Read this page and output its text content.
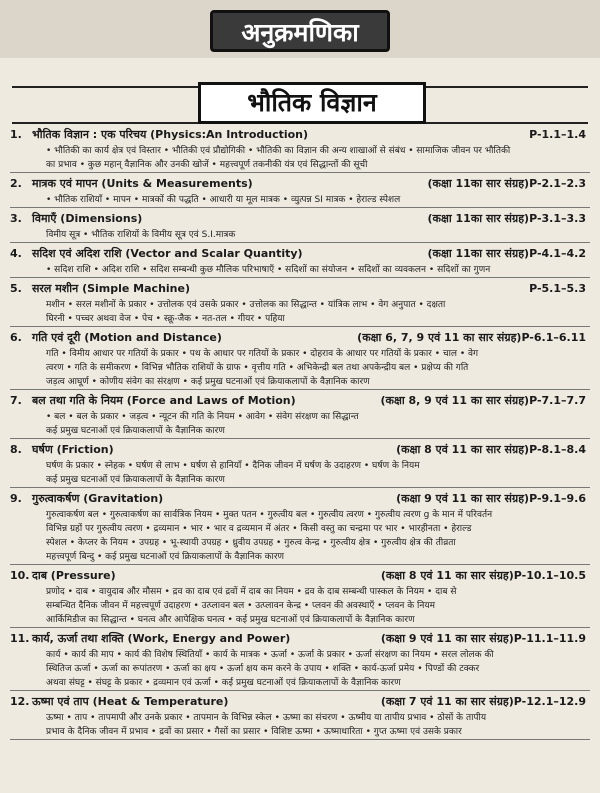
अनुक्रमणिका
भौतिक विज्ञान
1. भौतिक विज्ञान : एक परिचय (Physics:An Introduction)	P-1.1–1.4
• भौतिकी का कार्य क्षेत्र एवं विस्तार • भौतिकी एवं प्रौद्योगिकी • भौतिकी का विज्ञान की अन्य शाखाओं से संबंध • सामाजिक जीवन पर भौतिकी
का प्रभाव • कुछ महान् वैज्ञानिक और उनकी खोजें • महत्त्वपूर्ण तकनीकी यंत्र एवं सिद्धान्तों की सूची
2. मात्रक एवं मापन (Units & Measurements)	(कक्षा 11का सार संग्रह) P-2.1–2.3
• भौतिक राशियाँ • मापन • मात्रकों की पद्धति • आधारी या मूल मात्रक • व्युत्पन्न SI मात्रक • हेराल्ड स्पेशल
3. विमाएँ (Dimensions)	(कक्षा 11का सार संग्रह) P-3.1–3.3
विमीय सूत्र • भौतिक राशियों के विमीय सूत्र एवं S.I.मात्रक
4. सदिश एवं अदिश राशि (Vector and Scalar Quantity)	(कक्षा 11का सार संग्रह) P-4.1–4.2
• सदिश राशि • अदिश राशि • सदिश सम्बन्धी कुछ मौलिक परिभाषाएँ • सदिशों का संयोजन • सदिशों का व्यवकलन • सदिशों का गुणन
5. सरल मशीन (Simple Machine)	P-5.1–5.3
मशीन • सरल मशीनों के प्रकार • उत्तोलक एवं उसके प्रकार • उत्तोलक का सिद्धान्त • यांत्रिक लाभ • वेग अनुपात • दक्षता
घिरनी • पच्चर अथवा वेज • पेच • स्क्रू-जैक • नत-तल • गीयर • पहिया
6. गति एवं दूरी (Motion and Distance)	(कक्षा 6, 7, 9 एवं 11 का सार संग्रह) P-6.1–6.11
गति • विमीय आधार पर गतियों के प्रकार • पथ के आधार पर गतियों के प्रकार • दोहराव के आधार पर गतियों के प्रकार • चाल • वेग
त्वरण • गति के समीकरण • विभिन्न भौतिक राशियों के ग्राफ • वृत्तीय गति • अभिकेन्द्री बल तथा अपकेन्द्रीय बल • प्रक्षेप्य की गति
जड़त्व आघूर्ण • कोणीय संवेग का संरक्षण • कई प्रमुख घटनाओं एवं क्रियाकलापों के वैज्ञानिक कारण
7. बल तथा गति के नियम (Force and Laws of Motion)	(कक्षा 8, 9 एवं 11 का सार संग्रह) P-7.1–7.7
• बल • बल के प्रकार • जड़त्व • न्यूटन की गति के नियम • आवेग • संवेग संरक्षण का सिद्धान्त
कई प्रमुख घटनाओं एवं क्रियाकलापों के वैज्ञानिक कारण
8. घर्षण (Friction)	(कक्षा 8 एवं 11 का सार संग्रह) P-8.1–8.4
घर्षण के प्रकार • स्नेहक • घर्षण से लाभ • घर्षण से हानियाँ • दैनिक जीवन में घर्षण के उदाहरण • घर्षण के नियम
कई प्रमुख घटनाओं एवं क्रियाकलापों के वैज्ञानिक कारण
9. गुरुत्वाकर्षण (Gravitation)	(कक्षा 9 एवं 11 का सार संग्रह) P-9.1–9.6
गुरुत्वाकर्षण बल • गुरुत्वाकर्षण का सार्वत्रिक नियम • मुक्त पतन • गुरुत्वीय बल • गुरुत्वीय त्वरण • गुरुत्वीय त्वरण g के मान में परिवर्तन
विभिन्न ग्रहों पर गुरुत्वीय त्वरण • द्रव्यमान • भार • भार व द्रव्यमान में अंतर • किसी वस्तु का चन्द्रमा पर भार • भारहीनता • हेराल्ड
स्पेशल • केप्लर के नियम • उपग्रह • भू-स्थायी उपग्रह • ध्रुवीय उपग्रह • गुरुत्व केन्द्र • गुरुत्वीय क्षेत्र • गुरुत्वीय क्षेत्र की तीव्रता
महत्त्वपूर्ण बिन्दु • कई प्रमुख घटनाओं एवं क्रियाकलापों के वैज्ञानिक कारण
10. दाब (Pressure)	(कक्षा 8 एवं 11 का सार संग्रह) P-10.1–10.5
प्रणोद • दाब • वायुदाब और मौसम • द्रव का दाब एवं द्रवों में दाब का नियम • द्रव के दाब सम्बन्धी पास्कल के नियम • दाब से
सम्बन्धित दैनिक जीवन में महत्त्वपूर्ण उदाहरण • उत्प्लावन बल • उत्प्लावन केन्द्र • प्लवन की अवस्थाएँ • प्लवन के नियम
आर्किमिडीज का सिद्धान्त • घनत्व और आपेक्षिक घनत्व • कई प्रमुख घटनाओं एवं क्रियाकलापों के वैज्ञानिक कारण
11. कार्य, ऊर्जा तथा शक्ति (Work, Energy and Power)	(कक्षा 9 एवं 11 का सार संग्रह) P-11.1–11.9
कार्य • कार्य की माप • कार्य की विशेष स्थितियाँ • कार्य के मात्रक • ऊर्जा • ऊर्जा के प्रकार • ऊर्जा संरक्षण का नियम • सरल लोलक की
स्थितिज ऊर्जा • ऊर्जा का रूपांतरण • ऊर्जा का क्षय • ऊर्जा क्षय कम करने के उपाय • शक्ति • कार्य-ऊर्जा प्रमेय • पिण्डों की टक्कर
अथवा संघट्ट • संघट्ट के प्रकार • द्रव्यमान एवं ऊर्जा • कई प्रमुख घटनाओं एवं क्रियाकलापों के वैज्ञानिक कारण
12. ऊष्मा एवं ताप (Heat & Temperature)	(कक्षा 7 एवं 11 का सार संग्रह) P-12.1–12.9
ऊष्मा • ताप • तापमापी और उनके प्रकार • तापमान के विभिन्न स्केल • ऊष्मा का संचरण • ऊष्मीय या तापीय प्रभाव • ठोसों के तापीय
प्रभाव के दैनिक जीवन में प्रभाव • द्रवों का प्रसार • गैसों का प्रसार • विशिष्ट ऊष्मा • ऊष्माधारिता • गुप्त ऊष्मा एवं उसके प्रकार
